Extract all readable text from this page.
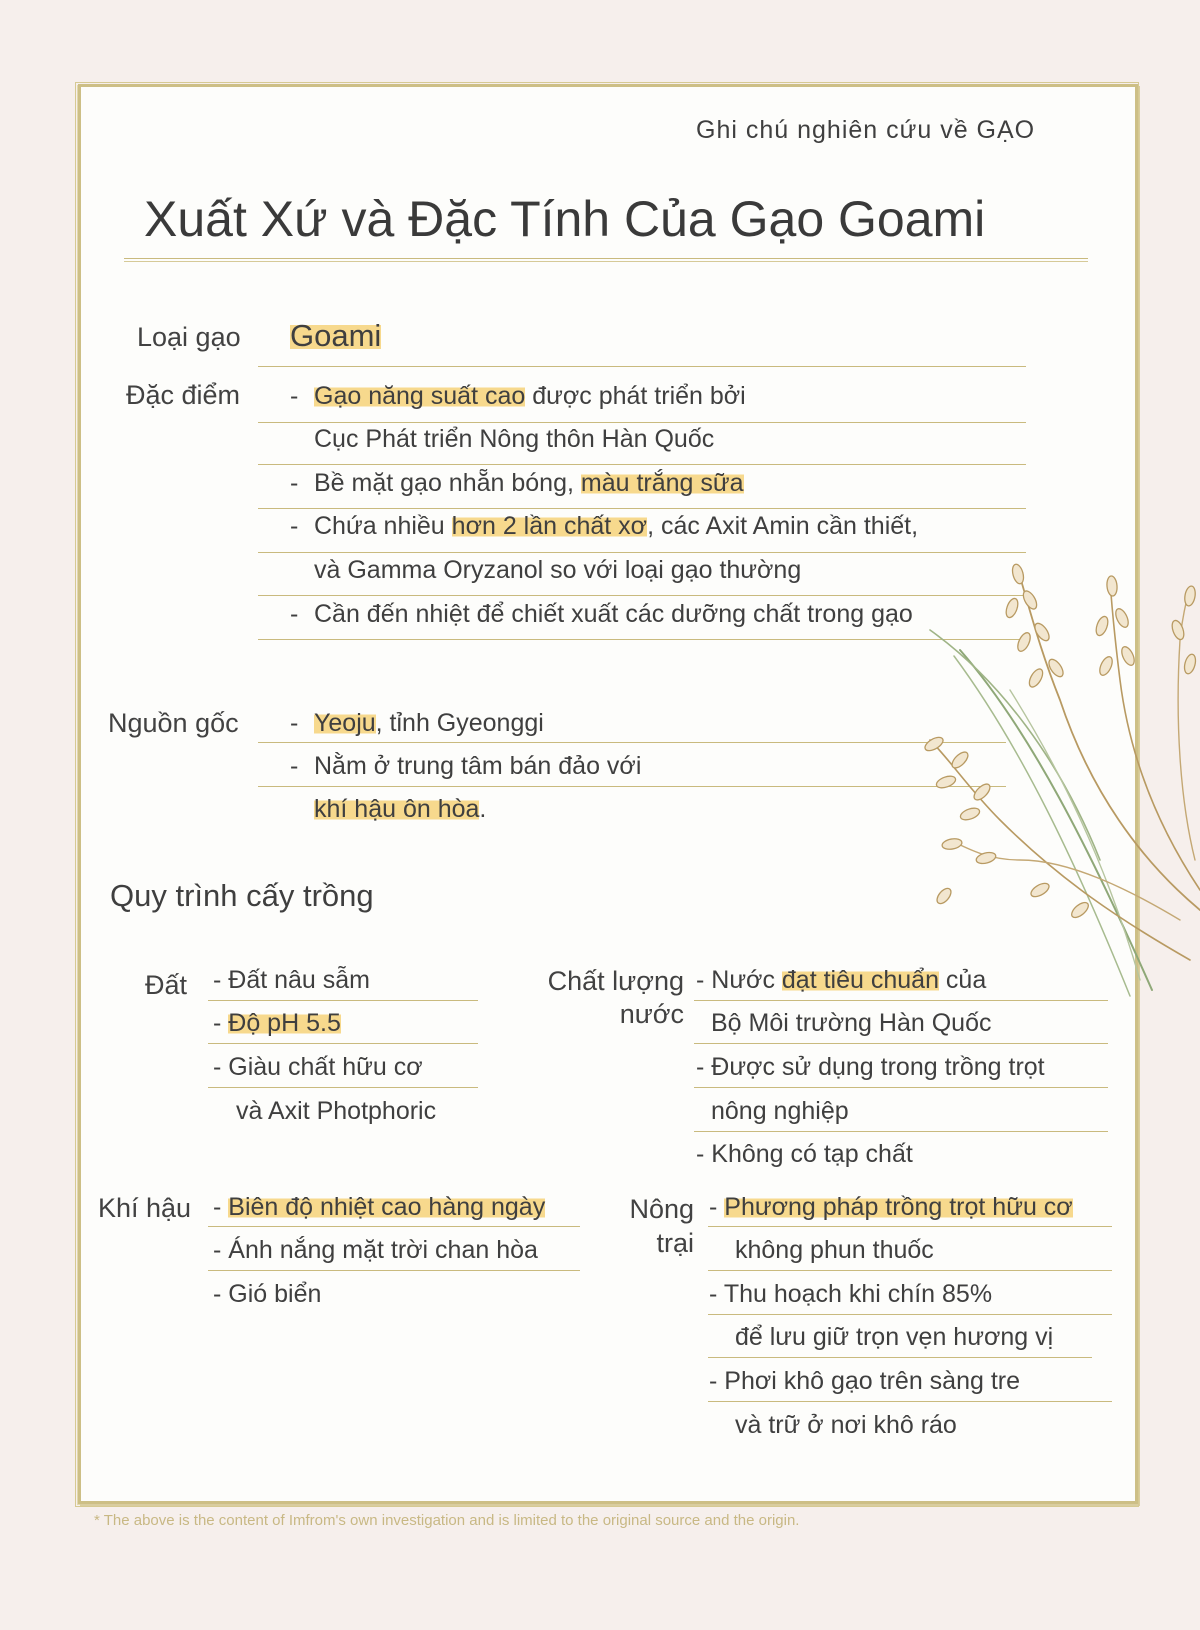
Ghi chú nghiên cứu về GẠO
Xuất Xứ và Đặc Tính Của Gạo Goami
Loại gạo Goami
Đặc điểm - Gạo năng suất cao được phát triển bởi
Cục Phát triển Nông thôn Hàn Quốc
- Bề mặt gạo nhẵn bóng, màu trắng sữa
- Chứa nhiều hơn 2 lần chất xơ, các Axit Amin cần thiết,
và Gamma Oryzanol so với loại gạo thường
- Cần đến nhiệt để chiết xuất các dưỡng chất trong gạo
Nguồn gốc - Yeoju, tỉnh Gyeonggi
- Nằm ở trung tâm bán đảo với
khí hậu ôn hòa.
Quy trình cấy trồng
Đất - Đất nâu sẫm
- Độ pH 5.5
- Giàu chất hữu cơ
và Axit Photphoric
Chất lượng
nước
- Nước đạt tiêu chuẩn của
Bộ Môi trường Hàn Quốc
- Được sử dụng trong trồng trọt
nông nghiệp
- Không có tạp chất
Khí hậu - Biên độ nhiệt cao hàng ngày
- Ánh nắng mặt trời chan hòa
- Gió biển
Nông
trại
- Phương pháp trồng trọt hữu cơ
không phun thuốc
- Thu hoạch khi chín 85%
để lưu giữ trọn vẹn hương vị
- Phơi khô gạo trên sàng tre
và trữ ở nơi khô ráo
* The above is the content of Imfrom's own investigation and is limited to the original source and the origin.
